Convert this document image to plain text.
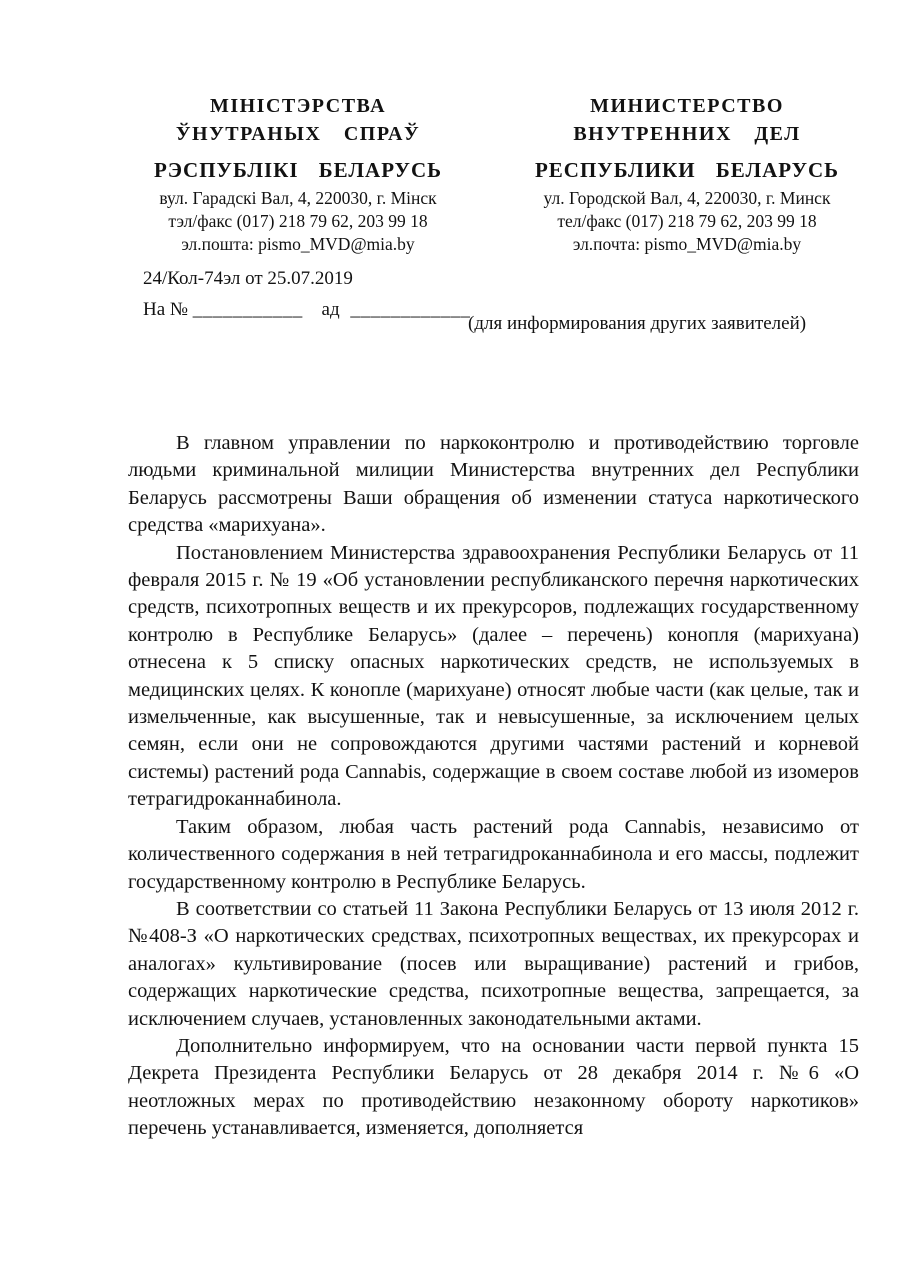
МІНІСТЭРСТВА
ЎНУТРАНЫХ СПРАЎ
РЭСПУБЛІКІ БЕЛАРУСЬ
вул. Гарадскі Вал, 4, 220030, г. Мінск
тэл/факс (017) 218 79 62, 203 99 18
эл.пошта: pismo_MVD@mia.by
МИНИСТЕРСТВО
ВНУТРЕННИХ ДЕЛ
РЕСПУБЛИКИ БЕЛАРУСЬ
ул. Городской Вал, 4, 220030, г. Минск
тел/факс (017) 218 79 62, 203 99 18
эл.почта: pismo_MVD@mia.by
24/Кол-74эл от 25.07.2019
На № ___________ ад ____________
(для информирования других заявителей)

В главном управлении по наркоконтролю и противодействию торговле людьми криминальной милиции Министерства внутренних дел Республики Беларусь рассмотрены Ваши обращения об изменении статуса наркотического средства «марихуана».

Постановлением Министерства здравоохранения Республики Беларусь от 11 февраля 2015 г. № 19 «Об установлении республиканского перечня наркотических средств, психотропных веществ и их прекурсоров, подлежащих государственному контролю в Республике Беларусь» (далее – перечень) конопля (марихуана) отнесена к 5 списку опасных наркотических средств, не используемых в медицинских целях. К конопле (марихуане) относят любые части (как целые, так и измельченные, как высушенные, так и невысушенные, за исключением целых семян, если они не сопровождаются другими частями растений и корневой системы) растений рода Cannabis, содержащие в своем составе любой из изомеров тетрагидроканнабинола.

Таким образом, любая часть растений рода Cannabis, независимо от количественного содержания в ней тетрагидроканнабинола и его массы, подлежит государственному контролю в Республике Беларусь.

В соответствии со статьей 11 Закона Республики Беларусь от 13 июля 2012 г. №408-З «О наркотических средствах, психотропных веществах, их прекурсорах и аналогах» культивирование (посев или выращивание) растений и грибов, содержащих наркотические средства, психотропные вещества, запрещается, за исключением случаев, установленных законодательными актами.

Дополнительно информируем, что на основании части первой пункта 15 Декрета Президента Республики Беларусь от 28 декабря 2014 г. №6 «О неотложных мерах по противодействию незаконному обороту наркотиков» перечень устанавливается, изменяется, дополняется
